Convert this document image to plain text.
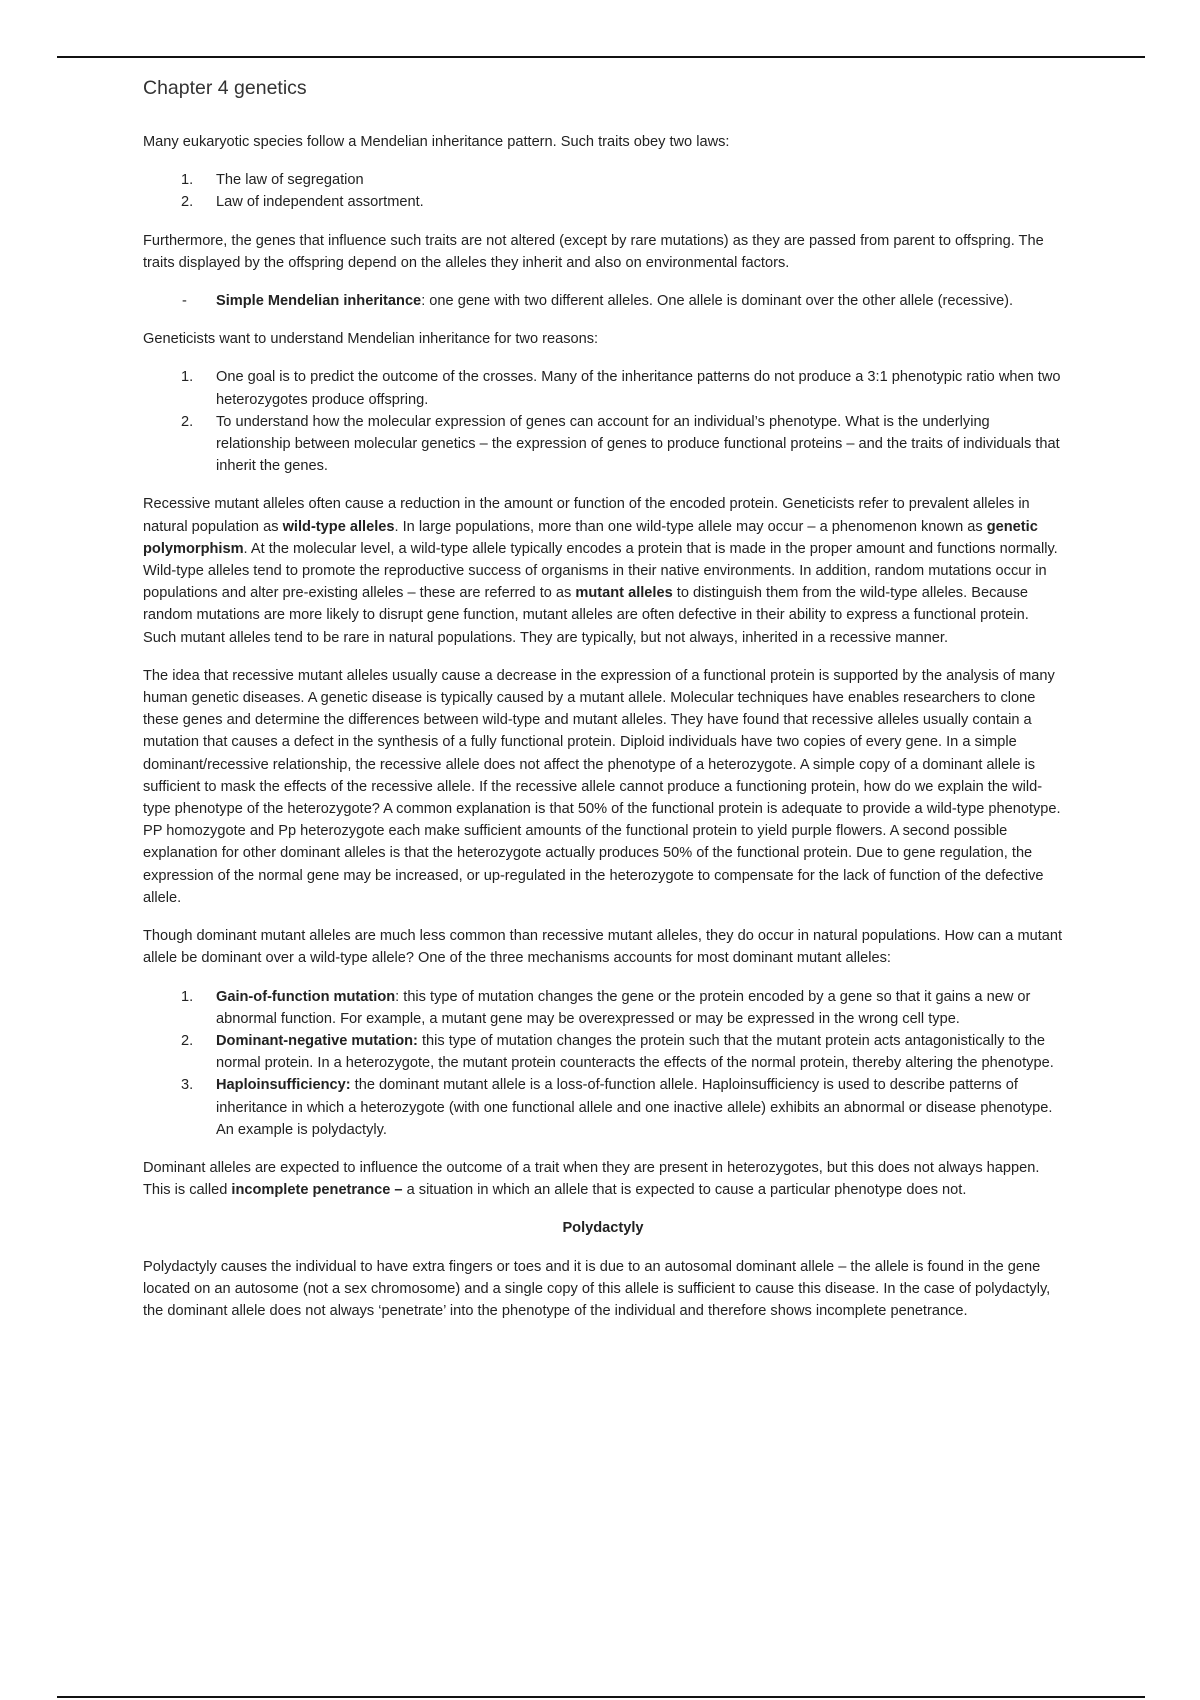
Chapter 4 genetics

Many eukaryotic species follow a Mendelian inheritance pattern. Such traits obey two laws:

1. The law of segregation
2. Law of independent assortment.

Furthermore, the genes that influence such traits are not altered (except by rare mutations) as they are passed from parent to offspring. The traits displayed by the offspring depend on the alleles they inherit and also on environmental factors.

- Simple Mendelian inheritance: one gene with two different alleles. One allele is dominant over the other allele (recessive).

Geneticists want to understand Mendelian inheritance for two reasons:

1. One goal is to predict the outcome of the crosses. Many of the inheritance patterns do not produce a 3:1 phenotypic ratio when two heterozygotes produce offspring.
2. To understand how the molecular expression of genes can account for an individual’s phenotype. What is the underlying relationship between molecular genetics – the expression of genes to produce functional proteins – and the traits of individuals that inherit the genes.

Recessive mutant alleles often cause a reduction in the amount or function of the encoded protein. Geneticists refer to prevalent alleles in natural population as wild-type alleles. In large populations, more than one wild-type allele may occur – a phenomenon known as genetic polymorphism. At the molecular level, a wild-type allele typically encodes a protein that is made in the proper amount and functions normally. Wild-type alleles tend to promote the reproductive success of organisms in their native environments. In addition, random mutations occur in populations and alter pre-existing alleles – these are referred to as mutant alleles to distinguish them from the wild-type alleles. Because random mutations are more likely to disrupt gene function, mutant alleles are often defective in their ability to express a functional protein. Such mutant alleles tend to be rare in natural populations. They are typically, but not always, inherited in a recessive manner.

The idea that recessive mutant alleles usually cause a decrease in the expression of a functional protein is supported by the analysis of many human genetic diseases. A genetic disease is typically caused by a mutant allele. Molecular techniques have enables researchers to clone these genes and determine the differences between wild-type and mutant alleles. They have found that recessive alleles usually contain a mutation that causes a defect in the synthesis of a fully functional protein. Diploid individuals have two copies of every gene. In a simple dominant/recessive relationship, the recessive allele does not affect the phenotype of a heterozygote. A simple copy of a dominant allele is sufficient to mask the effects of the recessive allele. If the recessive allele cannot produce a functioning protein, how do we explain the wild-type phenotype of the heterozygote? A common explanation is that 50% of the functional protein is adequate to provide a wild-type phenotype. PP homozygote and Pp heterozygote each make sufficient amounts of the functional protein to yield purple flowers. A second possible explanation for other dominant alleles is that the heterozygote actually produces 50% of the functional protein. Due to gene regulation, the expression of the normal gene may be increased, or up-regulated in the heterozygote to compensate for the lack of function of the defective allele.

Though dominant mutant alleles are much less common than recessive mutant alleles, they do occur in natural populations. How can a mutant allele be dominant over a wild-type allele? One of the three mechanisms accounts for most dominant mutant alleles:

1. Gain-of-function mutation: this type of mutation changes the gene or the protein encoded by a gene so that it gains a new or abnormal function. For example, a mutant gene may be overexpressed or may be expressed in the wrong cell type.
2. Dominant-negative mutation: this type of mutation changes the protein such that the mutant protein acts antagonistically to the normal protein. In a heterozygote, the mutant protein counteracts the effects of the normal protein, thereby altering the phenotype.
3. Haploinsufficiency: the dominant mutant allele is a loss-of-function allele. Haploinsufficiency is used to describe patterns of inheritance in which a heterozygote (with one functional allele and one inactive allele) exhibits an abnormal or disease phenotype. An example is polydactyly.

Dominant alleles are expected to influence the outcome of a trait when they are present in heterozygotes, but this does not always happen. This is called incomplete penetrance – a situation in which an allele that is expected to cause a particular phenotype does not.

Polydactyly

Polydactyly causes the individual to have extra fingers or toes and it is due to an autosomal dominant allele – the allele is found in the gene located on an autosome (not a sex chromosome) and a single copy of this allele is sufficient to cause this disease. In the case of polydactyly, the dominant allele does not always ‘penetrate’ into the phenotype of the individual and therefore shows incomplete penetrance.
